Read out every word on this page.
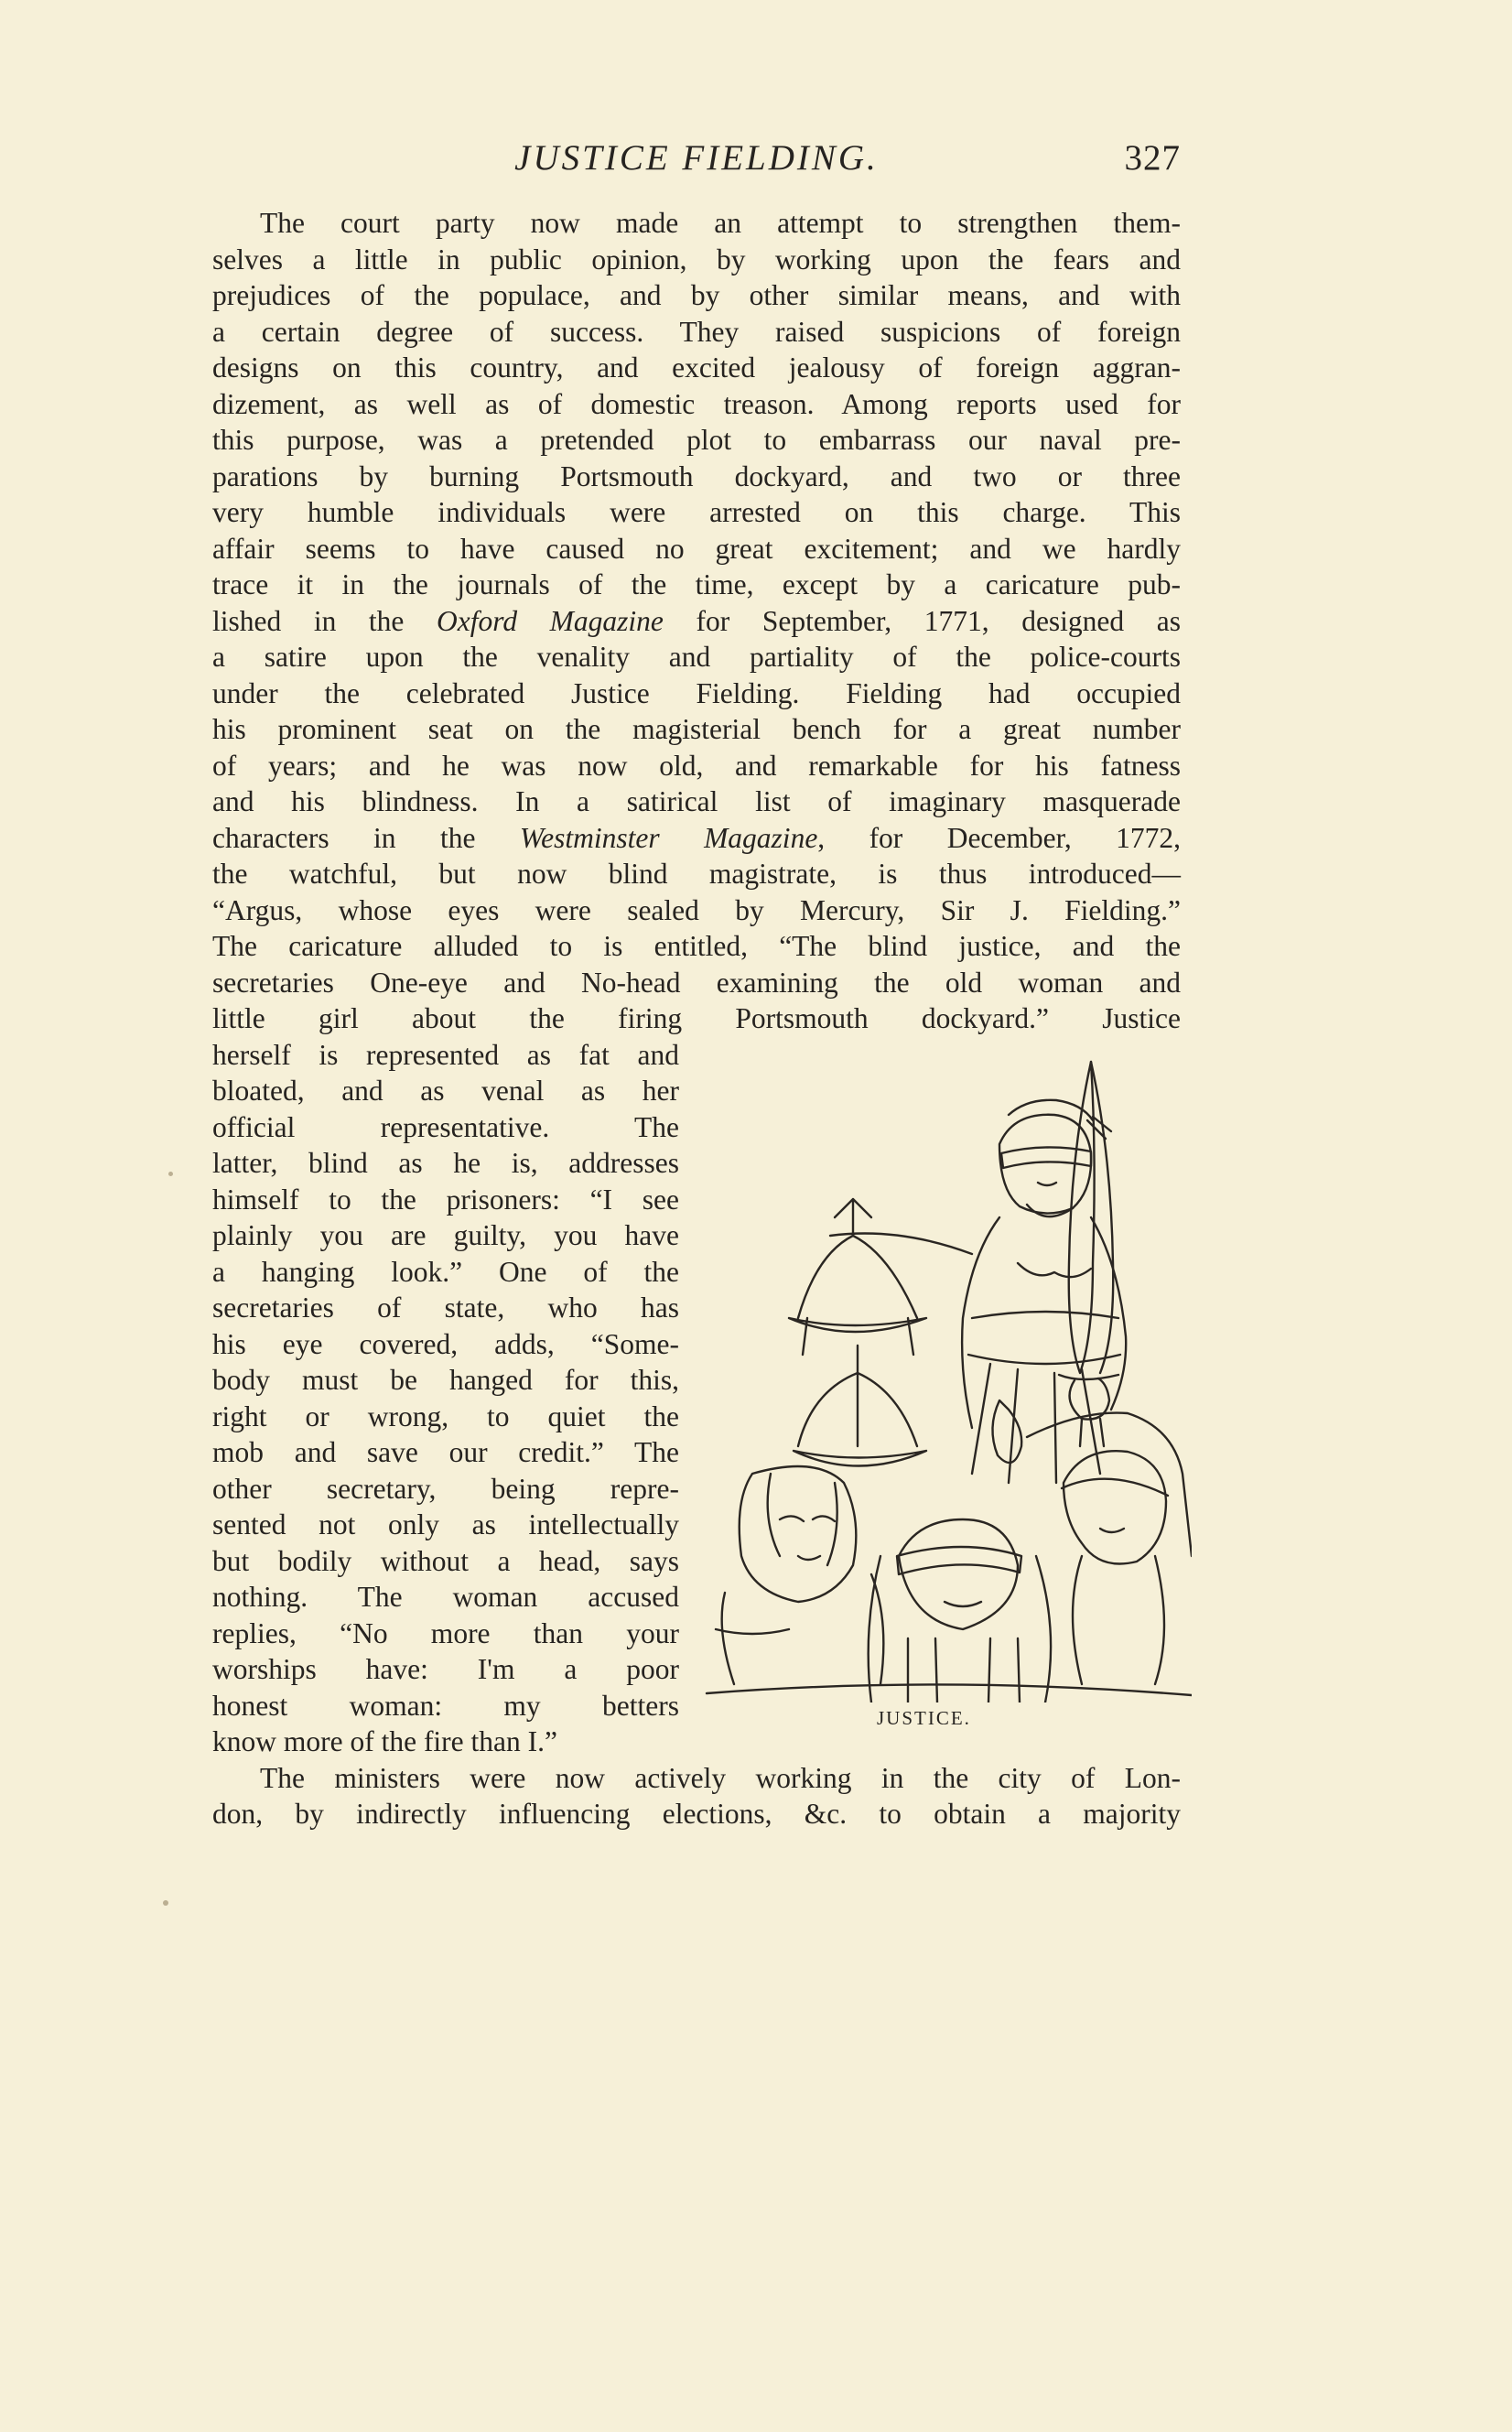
JUSTICE FIELDING.	327
The court party now made an attempt to strengthen them-
selves a little in public opinion, by working upon the fears and
prejudices of the populace, and by other similar means, and with
a certain degree of success. They raised suspicions of foreign
designs on this country, and excited jealousy of foreign aggran-
dizement, as well as of domestic treason. Among reports used for
this purpose, was a pretended plot to embarrass our naval pre-
parations by burning Portsmouth dockyard, and two or three
very humble individuals were arrested on this charge. This
affair seems to have caused no great excitement; and we hardly
trace it in the journals of the time, except by a caricature pub-
lished in the Oxford Magazine for September, 1771, designed as
a satire upon the venality and partiality of the police-courts
under the celebrated Justice Fielding. Fielding had occupied
his prominent seat on the magisterial bench for a great number
of years; and he was now old, and remarkable for his fatness
and his blindness. In a satirical list of imaginary masquerade
characters in the Westminster Magazine, for December, 1772,
the watchful, but now blind magistrate, is thus introduced—
“Argus, whose eyes were sealed by Mercury, Sir J. Fielding.”
The caricature alluded to is entitled, “The blind justice, and the
secretaries One-eye and No-head examining the old woman and
little girl about the firing Portsmouth dockyard.” Justice
herself is represented as fat and
bloated, and as venal as her
official representative. The
latter, blind as he is, addresses
himself to the prisoners: “I see
plainly you are guilty, you have
a hanging look.” One of the
secretaries of state, who has
his eye covered, adds, “Some-
body must be hanged for this,
right or wrong, to quiet the
mob and save our credit.” The
other secretary, being repre-
sented not only as intellectually
but bodily without a head, says
nothing. The woman accused
replies, “No more than your
worships have: I'm a poor
honest woman: my betters
know more of the fire than I.”
The ministers were now actively working in the city of Lon-
don, by indirectly influencing elections, &c. to obtain a majority
JUSTICE.
